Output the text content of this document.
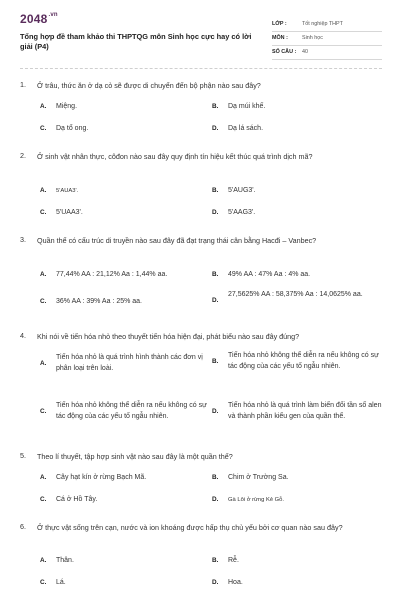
$2048^{.vn}$
Tổng hợp đề tham khảo thi THPTQG môn Sinh học cực hay có lời giải (P4)
LỚP :	Tốt nghiệp THPT
MÔN :	Sinh học
SỐ CÂU : 40
1. Ở trâu, thức ăn ở dạ cỏ sẽ được di chuyển đến bộ phận nào sau đây?
A. Miệng.	B. Dạ múi khế.
C. Dạ tổ ong.	D. Dạ lá sách.
2. Ở sinh vật nhân thực, côđon nào sau đây quy định tín hiệu kết thúc quá trình dịch mã?
A. 5'AUA3'.	B. 5'AUG3'.
C. 5'UAA3'.	D. 5'AAG3'.
3. Quần thể có cấu trúc di truyền nào sau đây đã đạt trạng thái cân bằng Hacđi – Vanbec?
A. 77,44% AA : 21,12% Aa : 1,44% aa.	B. 49% AA : 47% Aa : 4% aa.
C. 36% AA : 39% Aa : 25% aa.	D.
27,5625% AA : 58,375% Aa : 14,0625% aa.
4. Khi nói về tiến hóa nhỏ theo thuyết tiến hóa hiện đại, phát biểu nào sau đây đúng?
A.
Tiến hóa nhỏ là quá trình hình thành các đơn vị phân loại trên loài.
B.
Tiến hóa nhỏ không thể diễn ra nếu không có sự tác động của các yếu tố ngẫu nhiên.
C.
Tiến hóa nhỏ không thể diễn ra nếu không có sự tác động của các yếu tố ngẫu nhiên.
D.
Tiến hóa nhỏ là quá trình làm biến đổi tần số alen và thành phần kiểu gen của quần thể.
5. Theo lí thuyết, tập hợp sinh vật nào sau đây là một quần thể?
A. Cây hạt kín ở rừng Bạch Mã.	B. Chim ở Trường Sa.
C. Cá ở Hồ Tây.	D. Gà Lôi ở rừng Kẻ Gỗ.
6. Ở thực vật sống trên cạn, nước và ion khoáng được hấp thụ chủ yếu bởi cơ quan nào sau đây?
A. Thân.	B. Rễ.
C. Lá.	D. Hoa.
